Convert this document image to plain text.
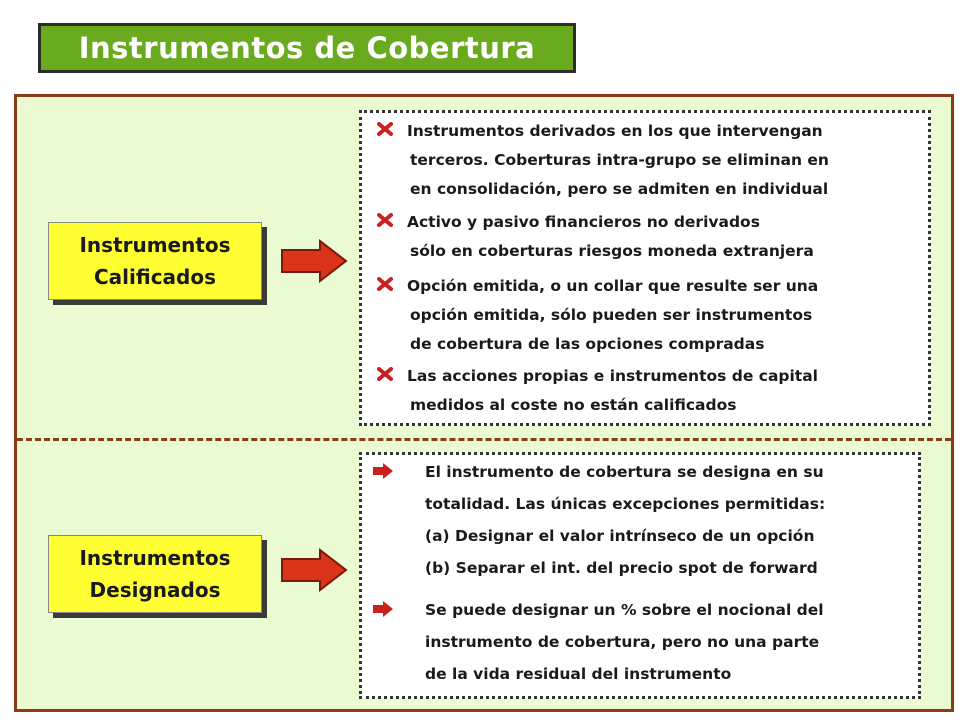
Instrumentos de Cobertura
Instrumentos
Calificados
Instrumentos derivados en los que intervengan
terceros. Coberturas intra-grupo se eliminan en
en consolidación, pero se admiten en individual
Activo y pasivo financieros no derivados
sólo en coberturas riesgos moneda extranjera
Opción emitida, o un collar que resulte ser una
opción emitida, sólo pueden ser instrumentos
de cobertura de las opciones compradas
Las acciones propias e instrumentos de capital
medidos al coste no están calificados
Instrumentos
Designados
El instrumento de cobertura se designa en su
totalidad. Las únicas excepciones permitidas:
(a) Designar el valor intrínseco de un opción
(b) Separar el int. del precio spot de forward
Se puede designar un % sobre el nocional del
instrumento de cobertura, pero no una parte
de la vida residual del instrumento
